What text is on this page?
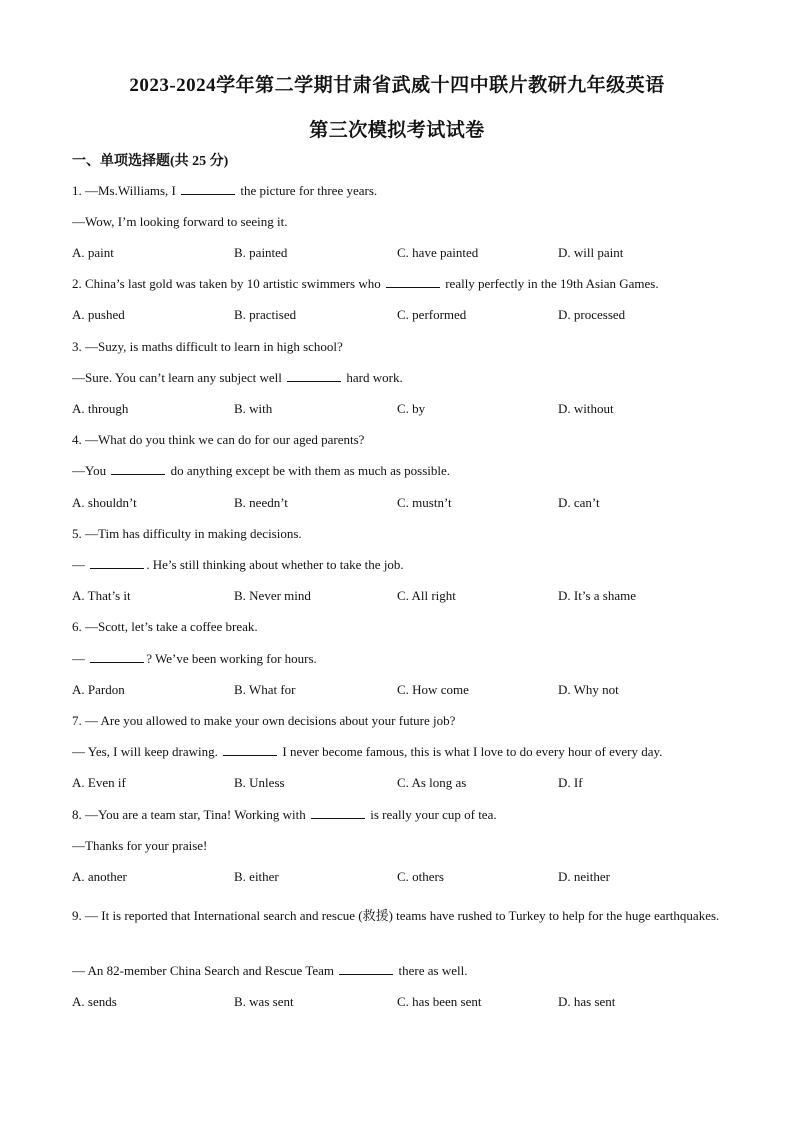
2023-2024学年第二学期甘肃省武威十四中联片教研九年级英语
第三次模拟考试试卷
一、单项选择题(共 25 分)
1. —Ms.Williams, I	the picture for three years.
—Wow, I’m looking forward to seeing it.
A. paint	B. painted	C. have painted	D. will paint
2. China’s last gold was taken by 10 artistic swimmers who	really perfectly in the 19th Asian Games.
A. pushed	B. practised	C. performed	D. processed
3. —Suzy, is maths difficult to learn in high school?
—Sure. You can’t learn any subject well	hard work.
A. through	B. with	C. by	D. without
4. —What do you think we can do for our aged parents?
—You	do anything except be with them as much as possible.
A. shouldn’t	B. needn’t	C. mustn’t	D. can’t
5. —Tim has difficulty in making decisions.
—	. He’s still thinking about whether to take the job.
A. That’s it	B. Never mind	C. All right	D. It’s a shame
6. —Scott, let’s take a coffee break.
—	? We’ve been working for hours.
A. Pardon	B. What for	C. How come	D. Why not
7. — Are you allowed to make your own decisions about your future job?
— Yes, I will keep drawing.	I never become famous, this is what I love to do every hour of every day.
A. Even if	B. Unless	C. As long as	D. If
8. —You are a team star, Tina! Working with	is really your cup of tea.
—Thanks for your praise!
A. another	B. either	C. others	D. neither
9. — It is reported that International search and rescue (救援) teams have rushed to Turkey to help for the huge earthquakes.
— An 82-member China Search and Rescue Team	there as well.
A. sends	B. was sent	C. has been sent	D. has sent
